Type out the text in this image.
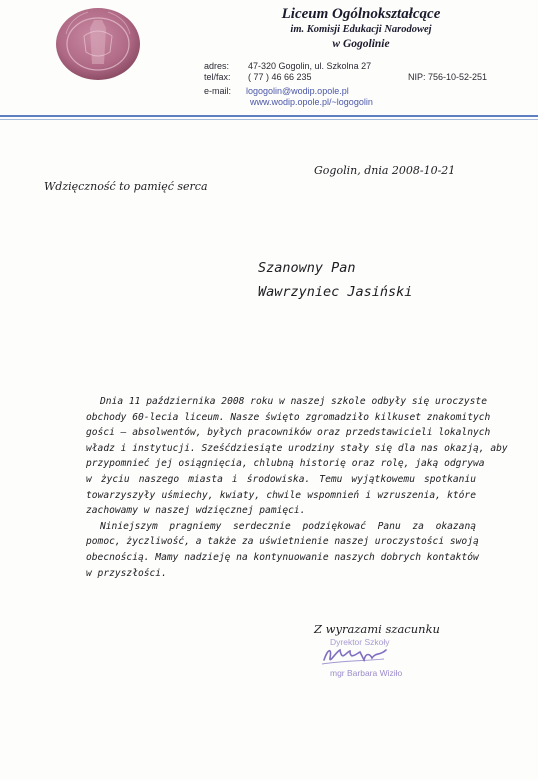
Liceum Ogólnokształcące
im. Komisji Edukacji Narodowej
w Gogolinie
adres: 47-320 Gogolin, ul. Szkolna 27
tel/fax: ( 77 ) 46 66 235	NIP: 756-10-52-251
e-mail: logogolin@wodip.opole.pl
www.wodip.opole.pl/~logogolin
Gogolin, dnia 2008-10-21
Wdzięczność to pamięć serca
Szanowny Pan
Wawrzyniec Jasiński
Dnia 11 października 2008 roku w naszej szkole odbyły się uroczyste
obchody 60-lecia liceum. Nasze święto zgromadziło kilkuset znakomitych
gości – absolwentów, byłych pracowników oraz przedstawicieli lokalnych
władz i instytucji. Sześćdziesiąte urodziny stały się dla nas okazją, aby
przypomnieć jej osiągnięcia, chlubną historię oraz rolę, jaką odgrywa
w życiu naszego miasta i środowiska. Temu wyjątkowemu spotkaniu
towarzyszyły uśmiechy, kwiaty, chwile wspomnień i wzruszenia, które
zachowamy w naszej wdzięcznej pamięci.
Niniejszym pragniemy serdecznie podziękować Panu za okazaną
pomoc, życzliwość, a także za uświetnienie naszej uroczystości swoją
obecnością. Mamy nadzieję na kontynuowanie naszych dobrych kontaktów
w przyszłości.
Z wyrazami szacunku
Dyrektor Szkoły
mgr Barbara Wiziło
